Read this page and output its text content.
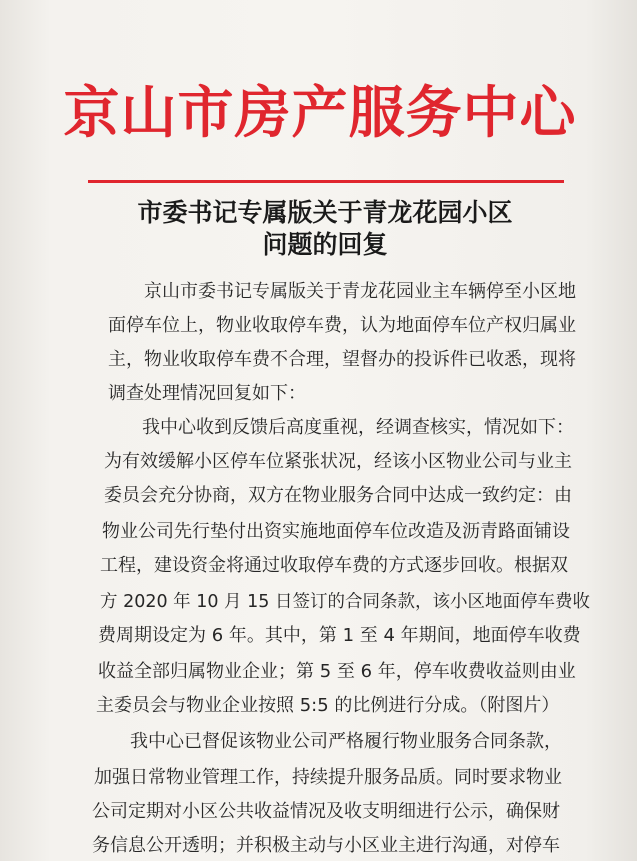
京山市房产服务中心
市委书记专属版关于青龙花园小区
问题的回复
　　京山市委书记专属版关于青龙花园业主车辆停至小区地
面停车位上，物业收取停车费，认为地面停车位产权归属业
主，物业收取停车费不合理，望督办的投诉件已收悉，现将
调查处理情况回复如下：
　　我中心收到反馈后高度重视，经调查核实，情况如下：
为有效缓解小区停车位紧张状况，经该小区物业公司与业主
委员会充分协商，双方在物业服务合同中达成一致约定：由
物业公司先行垫付出资实施地面停车位改造及沥青路面铺设
工程，建设资金将通过收取停车费的方式逐步回收。根据双
方 2020 年 10 月 15 日签订的合同条款，该小区地面停车费收
费周期设定为 6 年。其中，第 1 至 4 年期间，地面停车收费
收益全部归属物业企业；第 5 至 6 年，停车收费收益则由业
主委员会与物业企业按照 5:5 的比例进行分成。（附图片）
　　我中心已督促该物业公司严格履行物业服务合同条款，
加强日常物业管理工作，持续提升服务品质。同时要求物业
公司定期对小区公共收益情况及收支明细进行公示，确保财
务信息公开透明；并积极主动与小区业主进行沟通，对停车
